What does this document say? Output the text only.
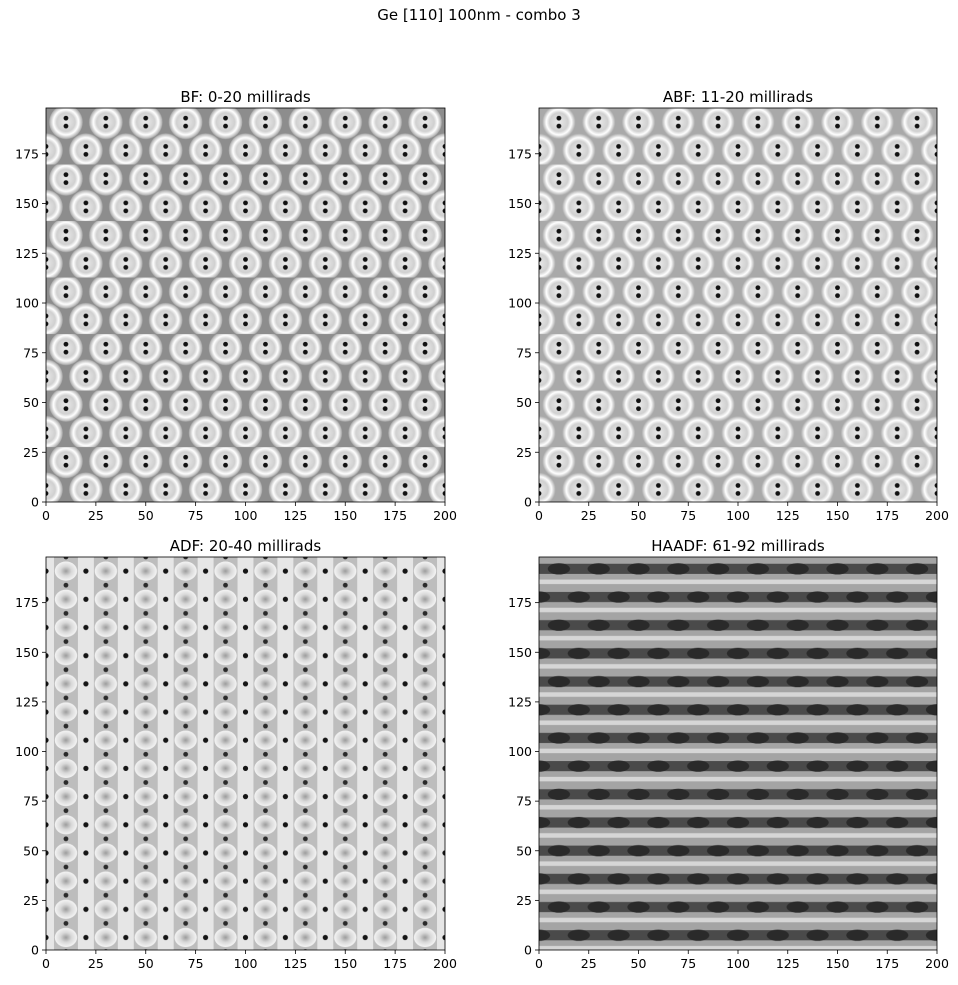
Ge [110] 100nm - combo 3
BF: 0-20 millirads
0	25	50	75 100 125 150 175 200
0
25
50
75
100
125
150
175
ABF: 11-20 millirads
0	25	50	75 100 125 150 175 200
0
25
50
75
100
125
150
175
ADF: 20-40 millirads
0	25	50	75 100 125 150 175 200
0
25
50
75
100
125
150
175
HAADF: 61-92 millirads
0	25	50	75 100 125 150 175 200
0
25
50
75
100
125
150
175
